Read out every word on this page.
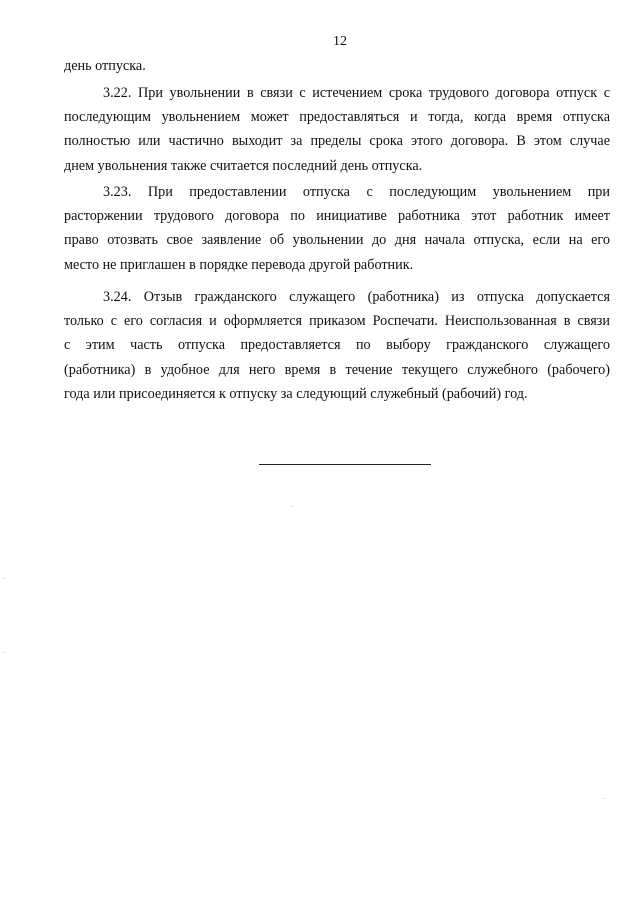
12
день отпуска.
3.22. При увольнении в связи с истечением срока трудового договора отпуск с
последующим увольнением может предоставляться и тогда, когда время отпуска
полностью или частично выходит за пределы срока этого договора. В этом случае
днем увольнения также считается последний день отпуска.
3.23. При предоставлении отпуска с последующим увольнением при
расторжении трудового договора по инициативе работника этот работник имеет
право отозвать свое заявление об увольнении до дня начала отпуска, если на его
место не приглашен в порядке перевода другой работник.
3.24. Отзыв гражданского служащего (работника) из отпуска допускается
только с его согласия и оформляется приказом Роспечати. Неиспользованная в связи
с этим часть отпуска предоставляется по выбору гражданского служащего
(работника) в удобное для него время в течение текущего служебного (рабочего)
года или присоединяется к отпуску за следующий служебный (рабочий) год.
